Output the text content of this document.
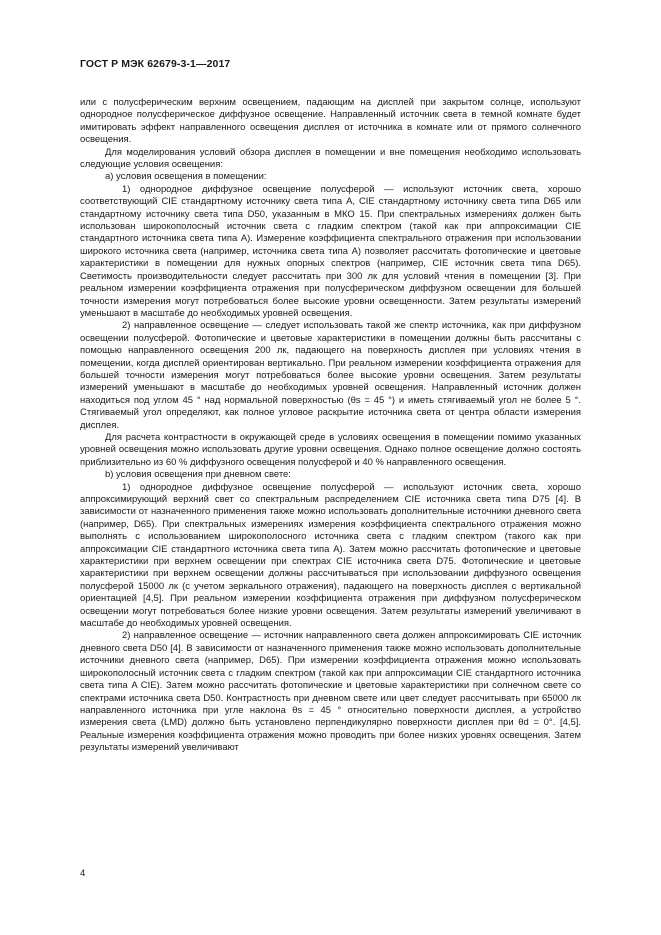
ГОСТ Р МЭК 62679-3-1—2017

или с полусферическим верхним освещением, падающим на дисплей при закрытом солнце, используют однородное полусферическое диффузное освещение. Направленный источник света в темной комнате будет имитировать эффект направленного освещения дисплея от источника в комнате или от прямого солнечного освещения.

Для моделирования условий обзора дисплея в помещении и вне помещения необходимо использовать следующие условия освещения:

а) условия освещения в помещении:

1) однородное диффузное освещение полусферой — используют источник света, хорошо соответствующий CIE стандартному источнику света типа A, CIE стандартному источнику света типа D65 или стандартному источнику света типа D50, указанным в МКО 15. При спектральных измерениях должен быть использован широкополосный источник света с гладким спектром (такой как при аппроксимации CIE стандартного источника света типа A). Измерение коэффициента спектрального отражения при использовании широкого источника света (например, источника света типа A) позволяет рассчитать фотопические и цветовые характеристики в помещении для нужных опорных спектров (например, CIE источник света типа D65). Светимость производительности следует рассчитать при 300 лк для условий чтения в помещении [3]. При реальном измерении коэффициента отражения при полусферическом диффузном освещении для большей точности измерения могут потребоваться более высокие уровни освещенности. Затем результаты измерений уменьшают в масштабе до необходимых уровней освещения.

2) направленное освещение — следует использовать такой же спектр источника, как при диффузном освещении полусферой. Фотопические и цветовые характеристики в помещении должны быть рассчитаны с помощью направленного освещения 200 лк, падающего на поверхность дисплея при условиях чтения в помещении, когда дисплей ориентирован вертикально. При реальном измерении коэффициента отражения для большей точности измерения могут потребоваться более высокие уровни освещения. Затем результаты измерений уменьшают в масштабе до необходимых уровней освещения. Направленный источник должен находиться под углом 45 ° над нормальной поверхностью (θs = 45 °) и иметь стягиваемый угол не более 5 °. Стягиваемый угол определяют, как полное угловое раскрытие источника света от центра области измерения дисплея.

Для расчета контрастности в окружающей среде в условиях освещения в помещении помимо указанных уровней освещения можно использовать другие уровни освещения. Однако полное освещение должно состоять приблизительно из 60 % диффузного освещения полусферой и 40 % направленного освещения.

b) условия освещения при дневном свете:

1) однородное диффузное освещение полусферой — используют источник света, хорошо аппроксимирующий верхний свет со спектральным распределением CIE источника света типа D75 [4]. В зависимости от назначенного применения также можно использовать дополнительные источники дневного света (например, D65). При спектральных измерениях измерения коэффициента спектрального отражения можно выполнять с использованием широкополосного источника света с гладким спектром (такого как при аппроксимации CIE стандартного источника света типа A). Затем можно рассчитать фотопические и цветовые характеристики при верхнем освещении при спектрах CIE источника света D75. Фотопические и цветовые характеристики при верхнем освещении должны рассчитываться при использовании диффузного освещения полусферой 15000 лк (с учетом зеркального отражения), падающего на поверхность дисплея с вертикальной ориентацией [4,5]. При реальном измерении коэффициента отражения при диффузном полусферическом освещении могут потребоваться более низкие уровни освещения. Затем результаты измерений увеличивают в масштабе до необходимых уровней освещения.

2) направленное освещение — источник направленного света должен аппроксимировать CIE источник дневного света D50 [4]. В зависимости от назначенного применения также можно использовать дополнительные источники дневного света (например, D65). При измерении коэффициента отражения можно использовать широкополосный источник света с гладким спектром (такой как при аппроксимации CIE стандартного источника света типа A CIE). Затем можно рассчитать фотопические и цветовые характеристики при солнечном свете со спектрами источника света D50. Контрастность при дневном свете или цвет следует рассчитывать при 65000 лк направленного источника при угле наклона θs = 45 ° относительно поверхности дисплея, а устройство измерения света (LMD) должно быть установлено перпендикулярно поверхности дисплея при θd = 0°. [4,5]. Реальные измерения коэффициента отражения можно проводить при более низких уровнях освещения. Затем результаты измерений увеличивают

4
